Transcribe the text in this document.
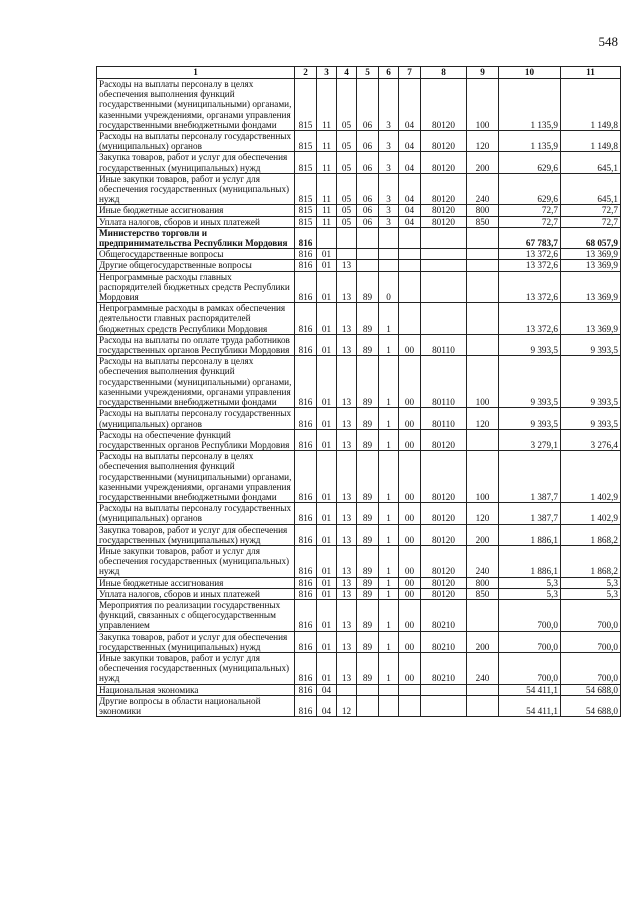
548
1	2	3	4	5	6	7	8	9	10	11
Расходы на выплаты персоналу в целях обеспечения выполнения функций государственными (муниципальными) органами, казенными учреждениями, органами управления государственными внебюджетными фондами	815	11	05	06	3	04	80120	100	1 135,9	1 149,8
Расходы на выплаты персоналу государственных (муниципальных) органов	815	11	05	06	3	04	80120	120	1 135,9	1 149,8
Закупка товаров, работ и услуг для обеспечения государственных (муниципальных) нужд	815	11	05	06	3	04	80120	200	629,6	645,1
Иные закупки товаров, работ и услуг для обеспечения государственных (муниципальных) нужд	815	11	05	06	3	04	80120	240	629,6	645,1
Иные бюджетные ассигнования	815	11	05	06	3	04	80120	800	72,7	72,7
Уплата налогов, сборов и иных платежей	815	11	05	06	3	04	80120	850	72,7	72,7
Министерство торговли и предпринимательства Республики Мордовия	816								67 783,7	68 057,9
Общегосударственные вопросы	816	01							13 372,6	13 369,9
Другие общегосударственные вопросы	816	01	13						13 372,6	13 369,9
Непрограммные расходы главных распорядителей бюджетных средств Республики Мордовия	816	01	13	89	0				13 372,6	13 369,9
Непрограммные расходы в рамках обеспечения деятельности главных распорядителей бюджетных средств Республики Мордовия	816	01	13	89	1				13 372,6	13 369,9
Расходы на выплаты по оплате труда работников государственных органов Республики Мордовия	816	01	13	89	1	00	80110		9 393,5	9 393,5
Расходы на выплаты персоналу в целях обеспечения выполнения функций государственными (муниципальными) органами, казенными учреждениями, органами управления государственными внебюджетными фондами	816	01	13	89	1	00	80110	100	9 393,5	9 393,5
Расходы на выплаты персоналу государственных (муниципальных) органов	816	01	13	89	1	00	80110	120	9 393,5	9 393,5
Расходы на обеспечение функций государственных органов Республики Мордовия	816	01	13	89	1	00	80120		3 279,1	3 276,4
Расходы на выплаты персоналу в целях обеспечения выполнения функций государственными (муниципальными) органами, казенными учреждениями, органами управления государственными внебюджетными фондами	816	01	13	89	1	00	80120	100	1 387,7	1 402,9
Расходы на выплаты персоналу государственных (муниципальных) органов	816	01	13	89	1	00	80120	120	1 387,7	1 402,9
Закупка товаров, работ и услуг для обеспечения государственных (муниципальных) нужд	816	01	13	89	1	00	80120	200	1 886,1	1 868,2
Иные закупки товаров, работ и услуг для обеспечения государственных (муниципальных) нужд	816	01	13	89	1	00	80120	240	1 886,1	1 868,2
Иные бюджетные ассигнования	816	01	13	89	1	00	80120	800	5,3	5,3
Уплата налогов, сборов и иных платежей	816	01	13	89	1	00	80120	850	5,3	5,3
Мероприятия по реализации государственных функций, связанных с общегосударственным управлением	816	01	13	89	1	00	80210		700,0	700,0
Закупка товаров, работ и услуг для обеспечения государственных (муниципальных) нужд	816	01	13	89	1	00	80210	200	700,0	700,0
Иные закупки товаров, работ и услуг для обеспечения государственных (муниципальных) нужд	816	01	13	89	1	00	80210	240	700,0	700,0
Национальная экономика	816	04							54 411,1	54 688,0
Другие вопросы в области национальной экономики	816	04	12						54 411,1	54 688,0
